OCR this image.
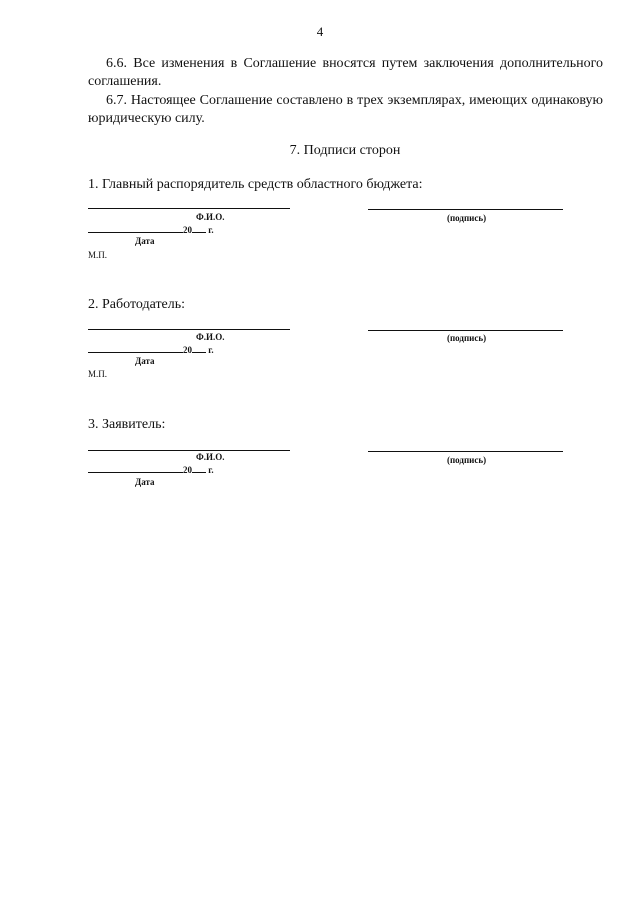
4
6.6. Все изменения в Соглашение вносятся путем заключения дополнительного соглашения.
6.7. Настоящее Соглашение составлено в трех экземплярах, имеющих одинаковую юридическую силу.
7. Подписи сторон
1. Главный распорядитель средств областного бюджета:
Ф.И.О.	(подпись)
20 г.
Дата
М.П.
2. Работодатель:
Ф.И.О.	(подпись)
20 г.
Дата
М.П.
3. Заявитель:
Ф.И.О.	(подпись)
20 г.
Дата
